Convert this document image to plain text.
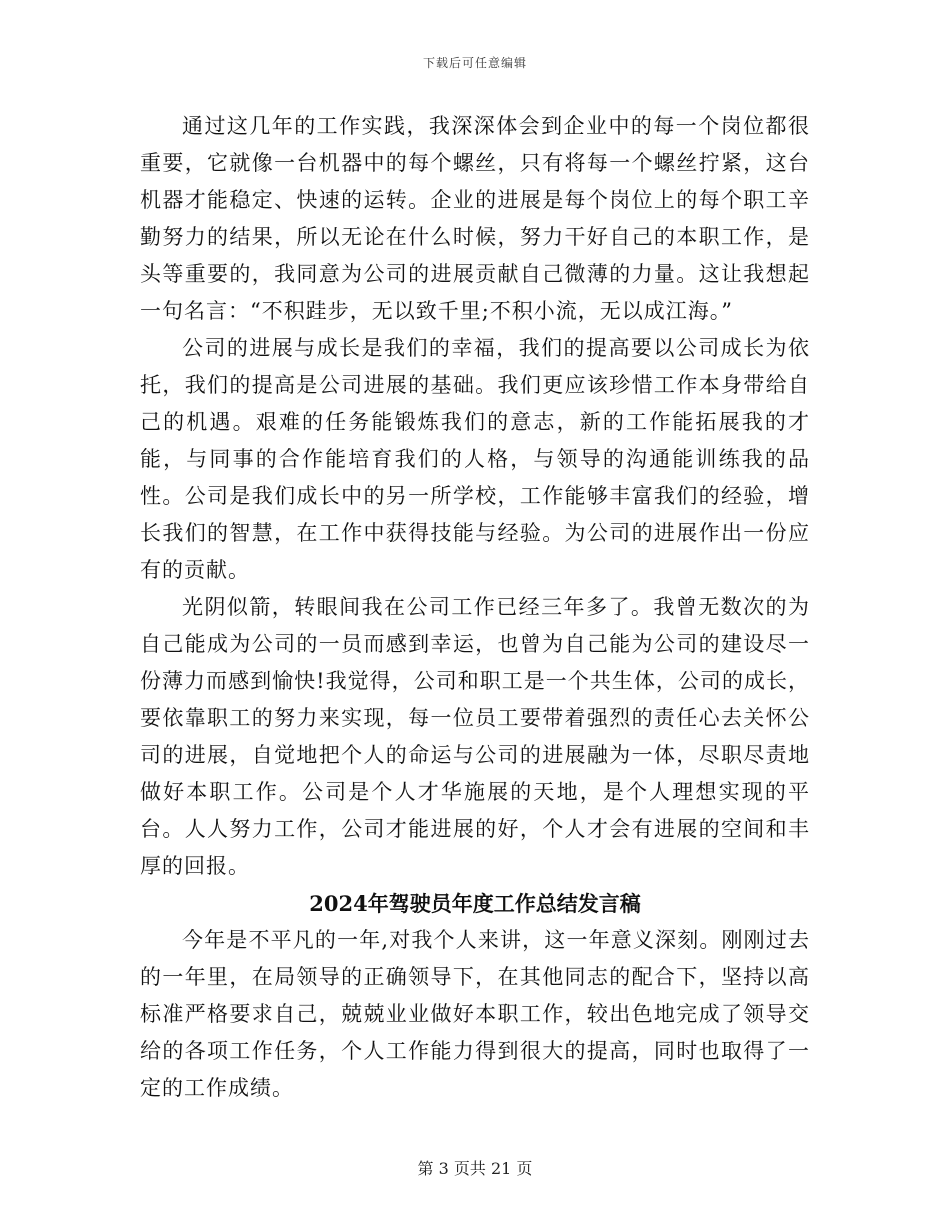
下载后可任意编辑

通过这几年的工作实践，我深深体会到企业中的每一个岗位都很重要，它就像一台机器中的每个螺丝，只有将每一个螺丝拧紧，这台机器才能稳定、快速的运转。企业的进展是每个岗位上的每个职工辛勤努力的结果，所以无论在什么时候，努力干好自己的本职工作，是头等重要的，我同意为公司的进展贡献自己微薄的力量。这让我想起一句名言：“不积跬步，无以致千里;不积小流，无以成江海。”

公司的进展与成长是我们的幸福，我们的提高要以公司成长为依托，我们的提高是公司进展的基础。我们更应该珍惜工作本身带给自己的机遇。艰难的任务能锻炼我们的意志，新的工作能拓展我的才能，与同事的合作能培育我们的人格，与领导的沟通能训练我的品性。公司是我们成长中的另一所学校，工作能够丰富我们的经验，增长我们的智慧，在工作中获得技能与经验。为公司的进展作出一份应有的贡献。

光阴似箭，转眼间我在公司工作已经三年多了。我曾无数次的为自己能成为公司的一员而感到幸运，也曾为自己能为公司的建设尽一份薄力而感到愉快!我觉得，公司和职工是一个共生体，公司的成长，要依靠职工的努力来实现，每一位员工要带着强烈的责任心去关怀公司的进展，自觉地把个人的命运与公司的进展融为一体，尽职尽责地做好本职工作。公司是个人才华施展的天地，是个人理想实现的平台。人人努力工作，公司才能进展的好，个人才会有进展的空间和丰厚的回报。

2024年驾驶员年度工作总结发言稿

今年是不平凡的一年,对我个人来讲，这一年意义深刻。刚刚过去的一年里，在局领导的正确领导下，在其他同志的配合下，坚持以高标准严格要求自己，兢兢业业做好本职工作，较出色地完成了领导交给的各项工作任务，个人工作能力得到很大的提高，同时也取得了一定的工作成绩。

第 3 页共 21 页
